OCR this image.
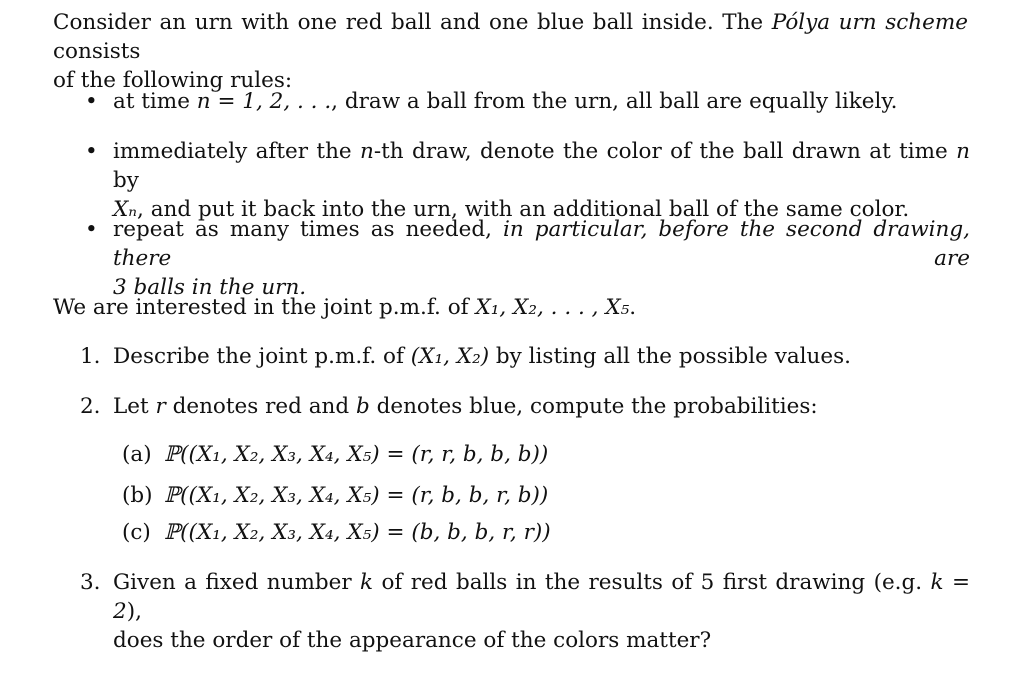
Consider an urn with one red ball and one blue ball inside. The Pólya urn scheme consists
of the following rules:
• at time n = 1, 2, . . ., draw a ball from the urn, all ball are equally likely.
• immediately after the n-th draw, denote the color of the ball drawn at time n by
Xₙ, and put it back into the urn, with an additional ball of the same color.
• repeat as many times as needed, in particular, before the second drawing, there are
3 balls in the urn.
We are interested in the joint p.m.f. of X₁, X₂, . . . , X₅.
1. Describe the joint p.m.f. of (X₁, X₂) by listing all the possible values.
2. Let r denotes red and b denotes blue, compute the probabilities:
(a) ℙ((X₁, X₂, X₃, X₄, X₅) = (r, r, b, b, b))
(b) ℙ((X₁, X₂, X₃, X₄, X₅) = (r, b, b, r, b))
(c) ℙ((X₁, X₂, X₃, X₄, X₅) = (b, b, b, r, r))
3. Given a fixed number k of red balls in the results of 5 first drawing (e.g. k = 2),
does the order of the appearance of the colors matter?
